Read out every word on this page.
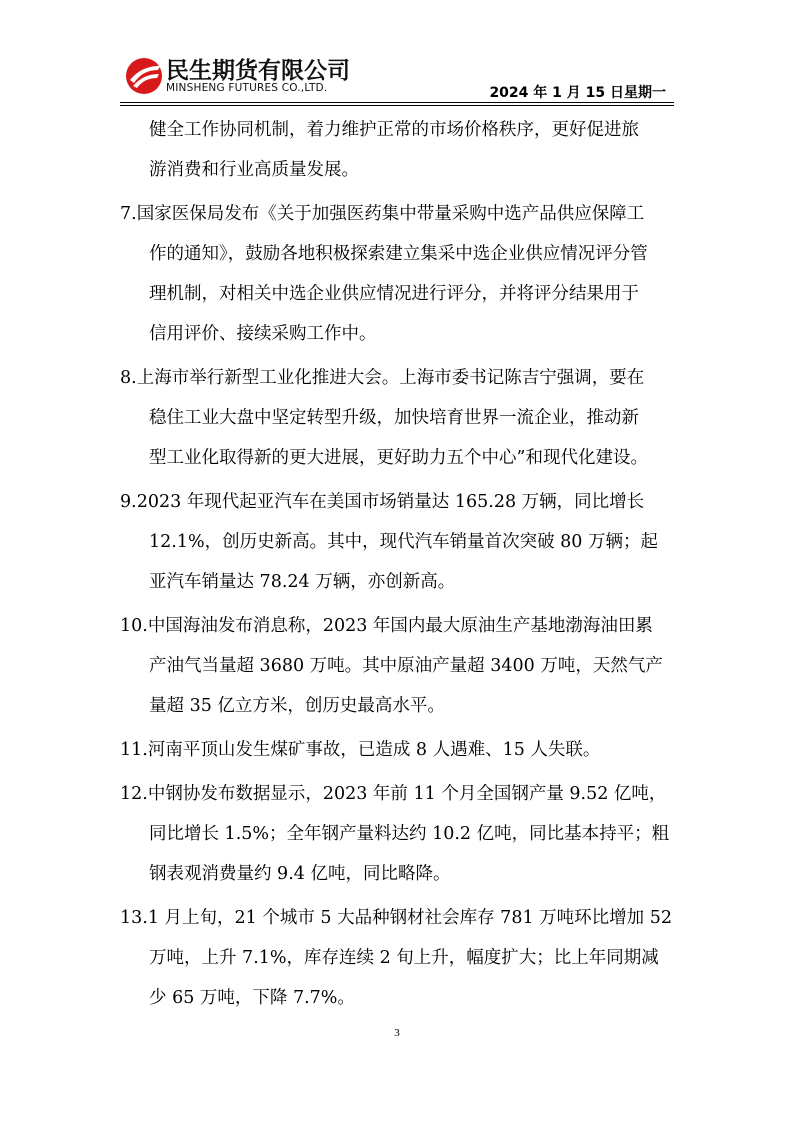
民生期货有限公司
MINSHENG FUTURES CO.,LTD.	2024 年 1 月 15 日星期一
健全工作协同机制，着力维护正常的市场价格秩序，更好促进旅
游消费和行业高质量发展。
7.国家医保局发布《关于加强医药集中带量采购中选产品供应保障工
作的通知》，鼓励各地积极探索建立集采中选企业供应情况评分管
理机制，对相关中选企业供应情况进行评分，并将评分结果用于
信用评价、接续采购工作中。
8.上海市举行新型工业化推进大会。上海市委书记陈吉宁强调，要在
稳住工业大盘中坚定转型升级，加快培育世界一流企业，推动新
型工业化取得新的更大进展，更好助力五个中心”和现代化建设。
9.2023 年现代起亚汽车在美国市场销量达 165.28 万辆，同比增长
12.1%，创历史新高。其中，现代汽车销量首次突破 80 万辆；起
亚汽车销量达 78.24 万辆，亦创新高。
10.中国海油发布消息称，2023 年国内最大原油生产基地渤海油田累
产油气当量超 3680 万吨。其中原油产量超 3400 万吨，天然气产
量超 35 亿立方米，创历史最高水平。
11.河南平顶山发生煤矿事故，已造成 8 人遇难、15 人失联。
12.中钢协发布数据显示，2023 年前 11 个月全国钢产量 9.52 亿吨，
同比增长 1.5%；全年钢产量料达约 10.2 亿吨，同比基本持平；粗
钢表观消费量约 9.4 亿吨，同比略降。
13.1 月上旬，21 个城市 5 大品种钢材社会库存 781 万吨环比增加 52
万吨，上升 7.1%，库存连续 2 旬上升，幅度扩大；比上年同期减
少 65 万吨，下降 7.7%。
3
